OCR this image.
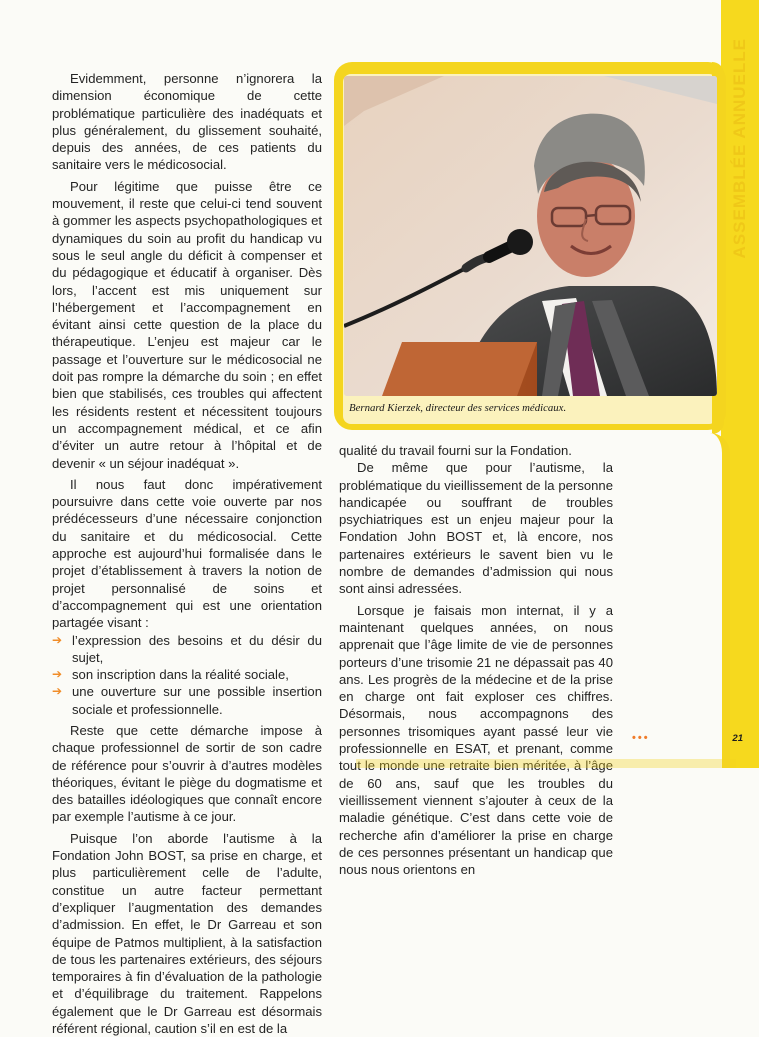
ASSEMBLÉE ANNUELLE
Bernard Kierzek, directeur des services médicaux.

Evidemment, personne n’ignorera la dimension économique de cette problématique particulière des inadéquats et plus généralement, du glissement souhaité, depuis des années, de ces patients du sanitaire vers le médicosocial.

Pour légitime que puisse être ce mouvement, il reste que celui-ci tend souvent à gommer les aspects psychopathologiques et dynamiques du soin au profit du handicap vu sous le seul angle du déficit à compenser et du pédagogique et éducatif à organiser. Dès lors, l’accent est mis uniquement sur l’hébergement et l’accompagnement en évitant ainsi cette question de la place du thérapeutique. L’enjeu est majeur car le passage et l’ouverture sur le médicosocial ne doit pas rompre la démarche du soin ; en effet bien que stabilisés, ces troubles qui affectent les résidents restent et nécessitent toujours un accompagnement médical, et ce afin d’éviter un autre retour à l’hôpital et de devenir « un séjour inadéquat ».

Il nous faut donc impérativement poursuivre dans cette voie ouverte par nos prédécesseurs d’une nécessaire conjonction du sanitaire et du médicosocial. Cette approche est aujourd’hui formalisée dans le projet d’établissement à travers la notion de projet personnalisé de soins et d’accompagnement qui est une orientation partagée visant :

➔ l’expression des besoins et du désir du sujet,

➔ son inscription dans la réalité sociale,

➔ une ouverture sur une possible insertion sociale et professionnelle.

Reste que cette démarche impose à chaque professionnel de sortir de son cadre de référence pour s’ouvrir à d’autres modèles théoriques, évitant le piège du dogmatisme et des batailles idéologiques que connaît encore par exemple l’autisme à ce jour.

Puisque l’on aborde l’autisme à la Fondation John BOST, sa prise en charge, et plus particulièrement celle de l’adulte, constitue un autre facteur permettant d’expliquer l’augmentation des demandes d’admission. En effet, le Dr Garreau et son équipe de Patmos multiplient, à la satisfaction de tous les partenaires extérieurs, des séjours temporaires à fin d’évaluation de la pathologie et d’équilibrage du traitement. Rappelons également que le Dr Garreau est désormais référent régional, caution s’il en est de la

qualité du travail fourni sur la Fondation.

De même que pour l’autisme, la problématique du vieillissement de la personne handicapée ou souffrant de troubles psychiatriques est un enjeu majeur pour la Fondation John BOST et, là encore, nos partenaires extérieurs le savent bien vu le nombre de demandes d’admission qui nous sont ainsi adressées.

Lorsque je faisais mon internat, il y a maintenant quelques années, on nous apprenait que l’âge limite de vie de personnes porteurs d’une trisomie 21 ne dépassait pas 40 ans. Les progrès de la médecine et de la prise en charge ont fait exploser ces chiffres. Désormais, nous accompagnons des personnes trisomiques ayant passé leur vie professionnelle en ESAT, et prenant, comme tout le monde une retraite bien méritée, à l’âge de 60 ans, sauf que les troubles du vieillissement viennent s’ajouter à ceux de la maladie génétique. C’est dans cette voie de recherche afin d’améliorer la prise en charge de ces personnes présentant un handicap que nous nous orientons en

•••	21
